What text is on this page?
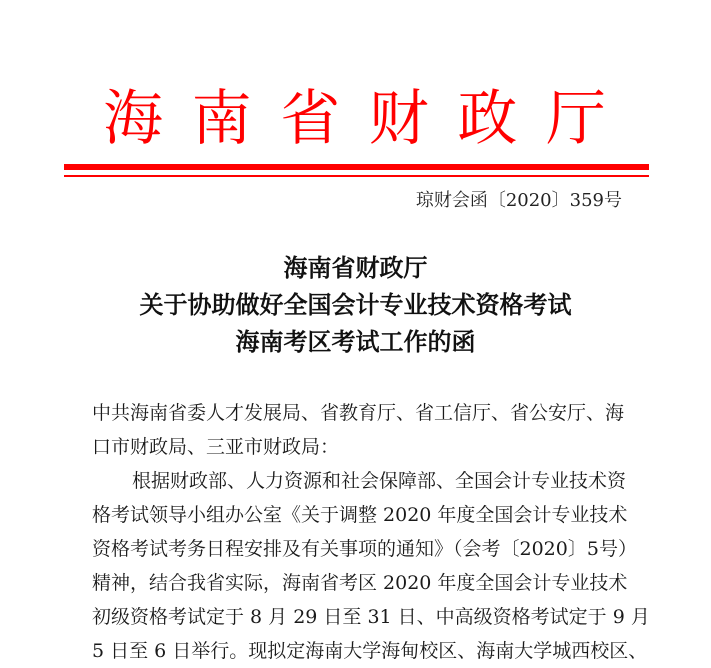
海 南 省 财 政 厅
琼财会函〔2020〕359号
海南省财政厅
关于协助做好全国会计专业技术资格考试
海南考区考试工作的函
中共海南省委人才发展局、省教育厅、省工信厅、省公安厅、海
口市财政局、三亚市财政局：
根据财政部、人力资源和社会保障部、全国会计专业技术资
格考试领导小组办公室《关于调整 2020 年度全国会计专业技术
资格考试考务日程安排及有关事项的通知》（会考〔2020〕5号）
精神，结合我省实际，海南省考区 2020 年度全国会计专业技术
初级资格考试定于 8 月 29 日至 31 日、中高级资格考试定于 9 月
5 日至 6 日举行。现拟定海南大学海甸校区、海南大学城西校区、
